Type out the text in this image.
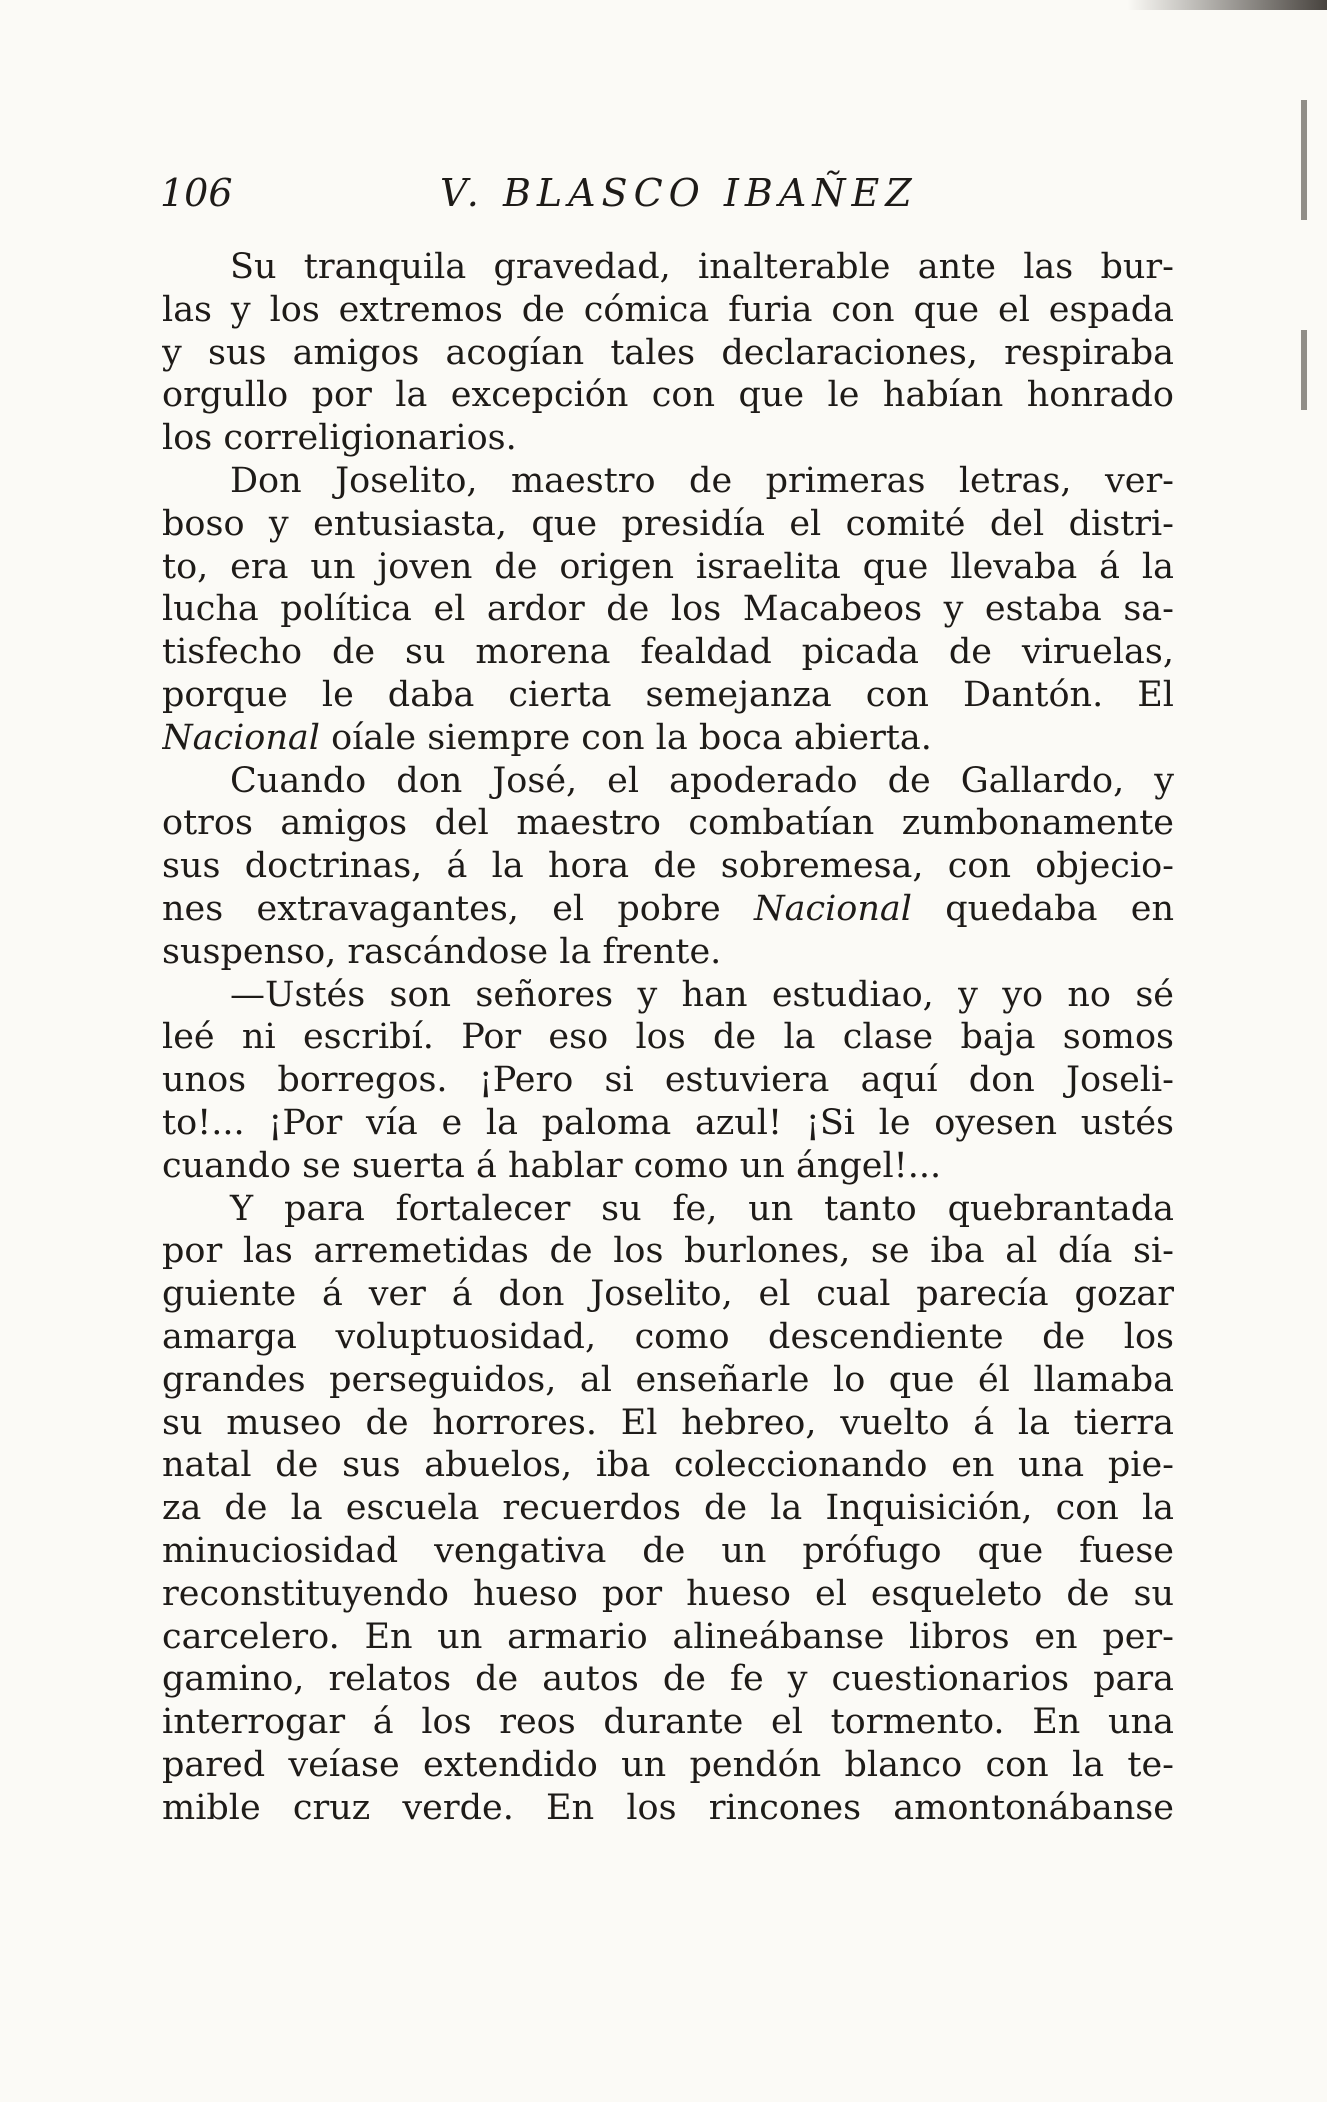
106	V. BLASCO IBAÑEZ
Su tranquila gravedad, inalterable ante las bur-
las y los extremos de cómica furia con que el espada
y sus amigos acogían tales declaraciones, respiraba
orgullo por la excepción con que le habían honrado
los correligionarios.
Don Joselito, maestro de primeras letras, ver-
boso y entusiasta, que presidía el comité del distri-
to, era un joven de origen israelita que llevaba á la
lucha política el ardor de los Macabeos y estaba sa-
tisfecho de su morena fealdad picada de viruelas,
porque le daba cierta semejanza con Dantón. El
Nacional oíale siempre con la boca abierta.
Cuando don José, el apoderado de Gallardo, y
otros amigos del maestro combatían zumbonamente
sus doctrinas, á la hora de sobremesa, con objecio-
nes extravagantes, el pobre Nacional quedaba en
suspenso, rascándose la frente.
—Ustés son señores y han estudiao, y yo no sé
leé ni escribí. Por eso los de la clase baja somos
unos borregos. ¡Pero si estuviera aquí don Joseli-
to!... ¡Por vía e la paloma azul! ¡Si le oyesen ustés
cuando se suerta á hablar como un ángel!...
Y para fortalecer su fe, un tanto quebrantada
por las arremetidas de los burlones, se iba al día si-
guiente á ver á don Joselito, el cual parecía gozar
amarga voluptuosidad, como descendiente de los
grandes perseguidos, al enseñarle lo que él llamaba
su museo de horrores. El hebreo, vuelto á la tierra
natal de sus abuelos, iba coleccionando en una pie-
za de la escuela recuerdos de la Inquisición, con la
minuciosidad vengativa de un prófugo que fuese
reconstituyendo hueso por hueso el esqueleto de su
carcelero. En un armario alineábanse libros en per-
gamino, relatos de autos de fe y cuestionarios para
interrogar á los reos durante el tormento. En una
pared veíase extendido un pendón blanco con la te-
mible cruz verde. En los rincones amontonábanse
